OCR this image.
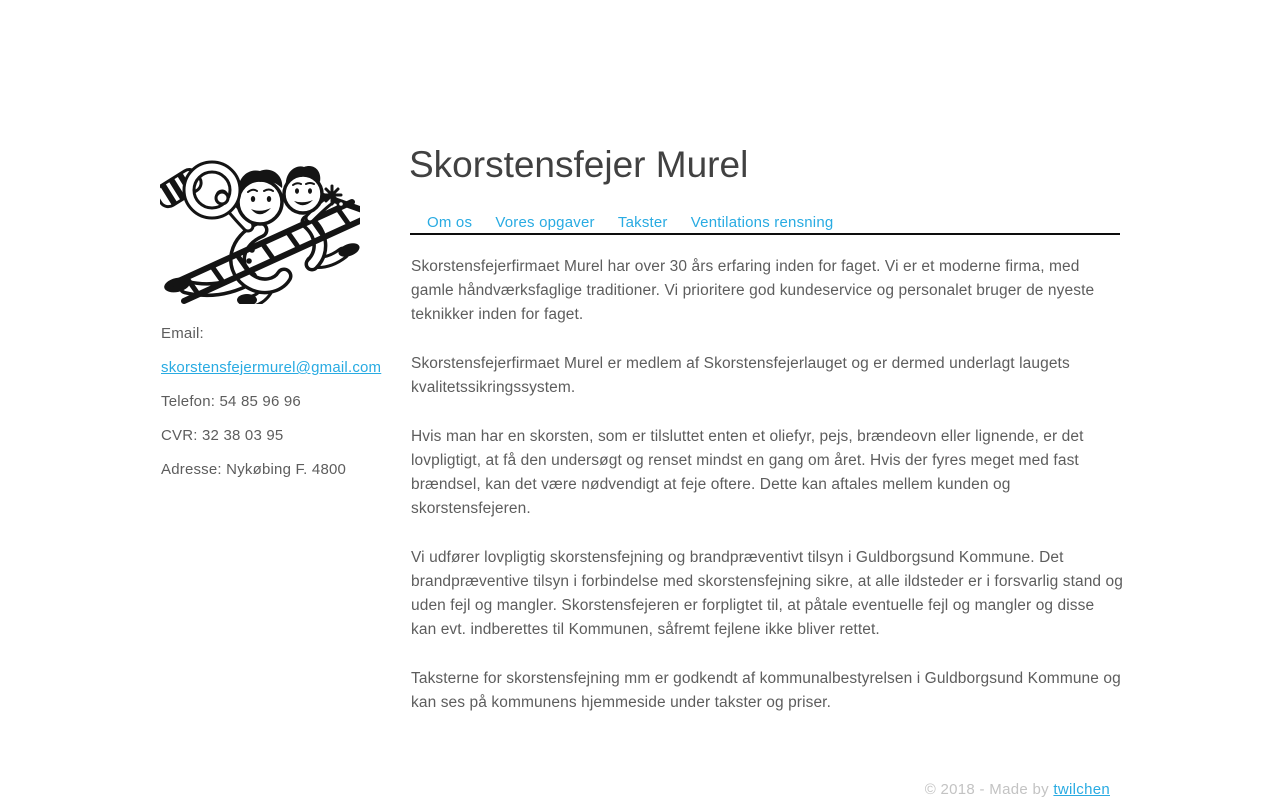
Email:

skorstensfejermurel@gmail.com

Telefon: 54 85 96 96

CVR: 32 38 03 95

Adresse: Nykøbing F. 4800

Skorstensfejer Murel
Om os Vores opgaver Takster Ventilations rensning

Skorstensfejerfirmaet Murel har over 30 års erfaring inden for faget. Vi er et moderne firma, med gamle håndværksfaglige traditioner. Vi prioritere god kundeservice og personalet bruger de nyeste teknikker inden for faget.

Skorstensfejerfirmaet Murel er medlem af Skorstensfejerlauget og er dermed underlagt laugets kvalitetssikringssystem.

Hvis man har en skorsten, som er tilsluttet enten et oliefyr, pejs, brændeovn eller lignende, er det lovpligtigt, at få den undersøgt og renset mindst en gang om året. Hvis der fyres meget med fast brændsel, kan det være nødvendigt at feje oftere. Dette kan aftales mellem kunden og skorstensfejeren.

Vi udfører lovpligtig skorstensfejning og brandpræventivt tilsyn i Guldborgsund Kommune. Det brandpræventive tilsyn i forbindelse med skorstensfejning sikre, at alle ildsteder er i forsvarlig stand og uden fejl og mangler. Skorstensfejeren er forpligtet til, at påtale eventuelle fejl og mangler og disse kan evt. indberettes til Kommunen, såfremt fejlene ikke bliver rettet.

Taksterne for skorstensfejning mm er godkendt af kommunalbestyrelsen i Guldborgsund Kommune og kan ses på kommunens hjemmeside under takster og priser.

© 2018 - Made by twilchen
